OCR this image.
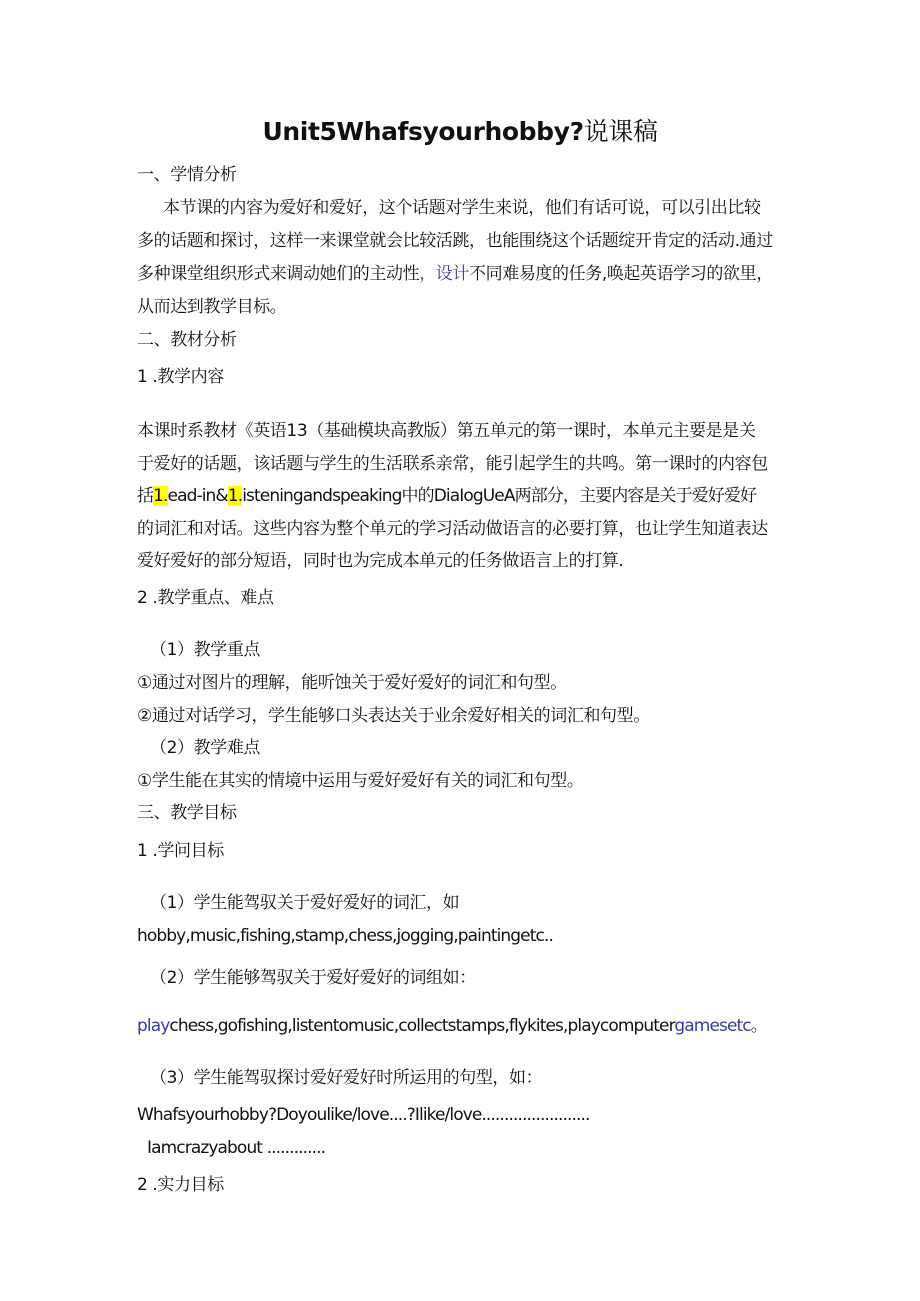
Unit5Whafsyourhobby?说课稿
一、学情分析
本节课的内容为爱好和爱好，这个话题对学生来说，他们有话可说，可以引出比较
多的话题和探讨，这样一来课堂就会比较活跳，也能围绕这个话题绽开肯定的活动.通过
多种课堂组织形式来调动她们的主动性，设计不同难易度的任务,唤起英语学习的欲里，
从而达到教学目标。
二、教材分析
1 .教学内容
本课时系教材《英语13（基础模块高教版）第五单元的第一课时，本单元主要是是关
于爱好的话题，该话题与学生的生活联系亲常，能引起学生的共鸣。第一课时的内容包
括1.ead-in&1.isteningandspeaking中的DiaIogUeA两部分，主要内容是关于爱好爱好
的词汇和对话。这些内容为整个单元的学习活动做语言的必要打算，也让学生知道表达
爱好爱好的部分短语，同时也为完成本单元的任务做语言上的打算.
2 .教学重点、难点
（1）教学重点
①通过对图片的理解，能听蚀关于爱好爱好的词汇和句型。
②通过对话学习，学生能够口头表达关于业余爱好相关的词汇和句型。
（2）教学难点
①学生能在其实的情境中运用与爱好爱好有关的词汇和句型。
三、教学目标
1 .学问目标
（1）学生能驾驭关于爱好爱好的词汇，如
hobby,music,fishing,stamp,chess,jogging,paintingetc..
（2）学生能够驾驭关于爱好爱好的词组如：
playchess,gofishing,listentomusic,collectstamps,flykites,playcomputergamesetc。
（3）学生能驾驭探讨爱好爱好时所运用的句型，如：
Whafsyourhobby?Doyoulike/love....?Ilike/love........................
Iamcrazyabout .............
2 .实力目标
